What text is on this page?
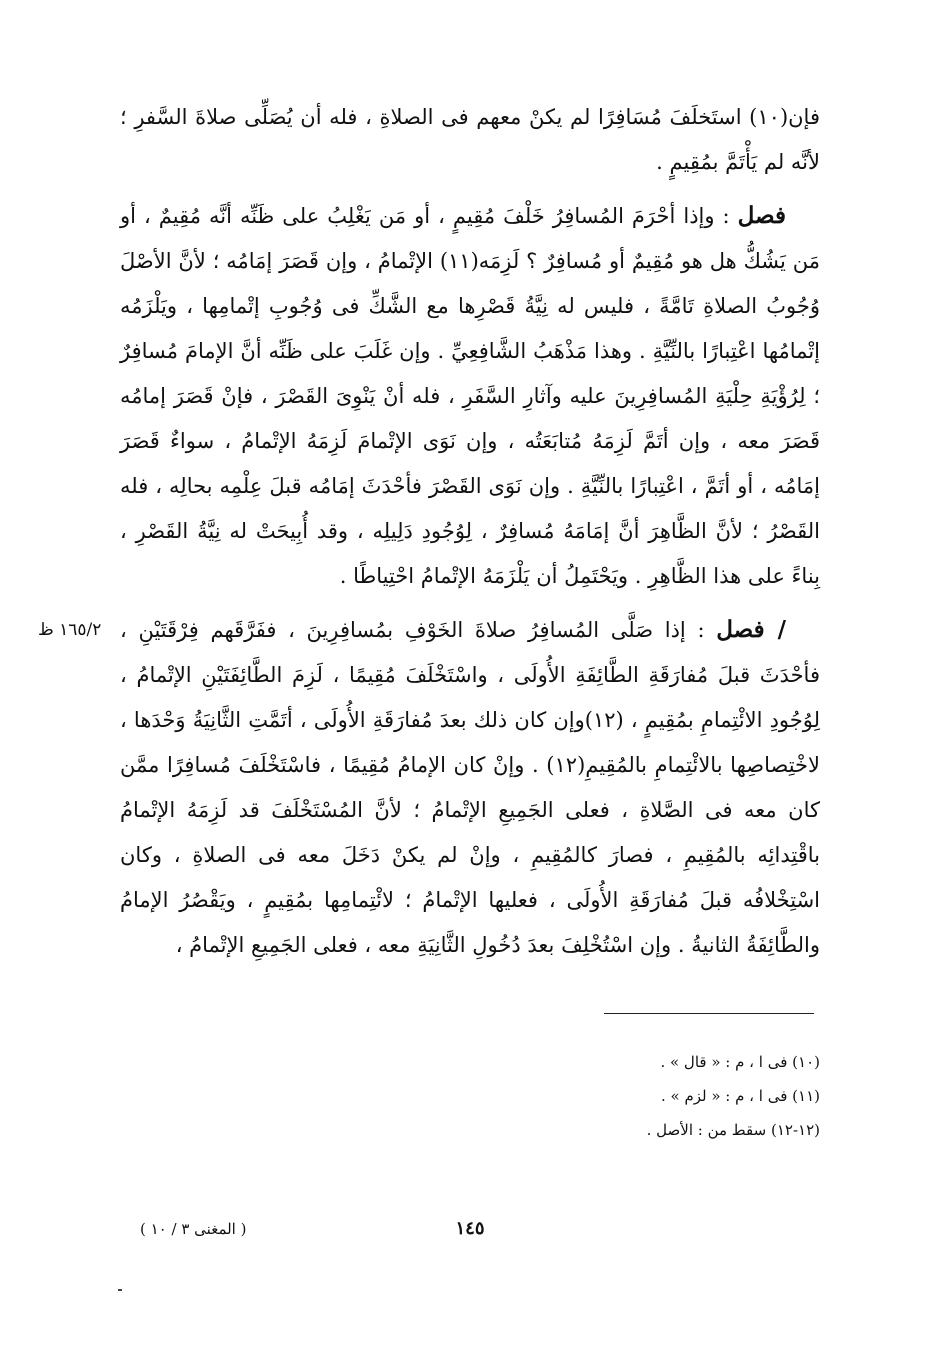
فإن(١٠) استَخلَفَ مُسَافِرًا لم يكنْ معهم فى الصلاةِ ، فله أن يُصَلِّى صلاةَ السَّفرِ ؛ لأنَّه لم يَأْتَمَّ بمُقِيمٍ .

فصل : وإذا أحْرَمَ المُسافِرُ خَلْفَ مُقِيمٍ ، أو مَن يَغْلِبُ على ظَنِّه أنَّه مُقِيمٌ ، أو مَن يَشُكُّ هل هو مُقِيمٌ أو مُسافِرٌ ؟ لَزِمَه(١١) الإتْمامُ ، وإن قَصَرَ إمَامُه ؛ لأنَّ الأصْلَ وُجُوبُ الصلاةِ تَامَّةً ، فليس له نِيَّةُ قَصْرِها مع الشَّكِّ فى وُجُوبِ إتْمامِها ، ويَلْزَمُه إتْمامُها اعْتِبارًا بالنِّيَّةِ . وهذا مَذْهَبُ الشَّافِعِيِّ . وإن غَلَبَ على ظَنِّه أنَّ الإمامَ مُسافِرٌ ؛ لِرُؤْيَةِ حِلْيَةِ المُسافِرِينَ عليه وآثارِ السَّفَرِ ، فله أنْ يَنْوِىَ القَصْرَ ، فإنْ قَصَرَ إمامُه قَصَرَ معه ، وإن أتَمَّ لَزِمَهُ مُتابَعَتُه ، وإن نَوَى الإتْمامَ لَزِمَهُ الإتْمامُ ، سواءٌ قَصَرَ إمَامُه ، أو أتَمَّ ، اعْتِبارًا بالنِّيَّةِ . وإن نَوَى القَصْرَ فأحْدَثَ إمَامُه قبلَ عِلْمِه بحالِه ، فله القَصْرُ ؛ لأنَّ الظَّاهِرَ أنَّ إمَامَهُ مُسافِرٌ ، لِوُجُودِ دَلِيلِه ، وقد أُبِيحَتْ له نِيَّةُ القَصْرِ ، بِناءً على هذا الظَّاهِرِ . ويَحْتَمِلُ أن يَلْزَمَهُ الإتْمامُ احْتِياطًا .

/ فصل : إذا صَلَّى المُسافِرُ صلاةَ الخَوْفِ بمُسافِرِينَ ، ففَرَّقَهم فِرْقَتَيْنِ ، فأحْدَثَ قبلَ مُفارَقَةِ الطَّائِفَةِ الأُولَى ، واسْتَخْلَفَ مُقِيمًا ، لَزِمَ الطَّائِفَتَيْنِ الإتْمامُ ، لِوُجُودِ الائْتِمامِ بمُقِيمٍ ، (١٢)وإن كان ذلك بعدَ مُفارَقَةِ الأُولَى ، أتَمَّتِ الثَّانِيَةُ وَحْدَها ، لاخْتِصاصِها بالائْتِمامِ بالمُقِيمِ(١٢) . وإنْ كان الإمامُ مُقِيمًا ، فاسْتَخْلَفَ مُسافِرًا ممَّن كان معه فى الصَّلاةِ ، فعلى الجَمِيعِ الإتْمامُ ؛ لأنَّ المُسْتَخْلَفَ قد لَزِمَهُ الإتْمامُ باقْتِدائِه بالمُقِيمِ ، فصارَ كالمُقِيمِ ، وإنْ لم يكنْ دَخَلَ معه فى الصلاةِ ، وكان اسْتِخْلافُه قبلَ مُفارَقَةِ الأُولَى ، فعليها الإتْمامُ ؛ لائْتِمامِها بمُقِيمٍ ، ويَقْصُرُ الإمامُ والطَّائِفَةُ الثانيةُ . وإن اسْتُخْلِفَ بعدَ دُخُولِ الثَّانِيَةِ معه ، فعلى الجَمِيعِ الإتْمامُ ،

١٦٥/٢ ظ

(١٠) فى ا ، م : « قال » .

(١١) فى ا ، م : « لزم » .

(١٢-١٢) سقط من : الأصل .

١٤٥
( المغنى ٣ / ١٠ )
